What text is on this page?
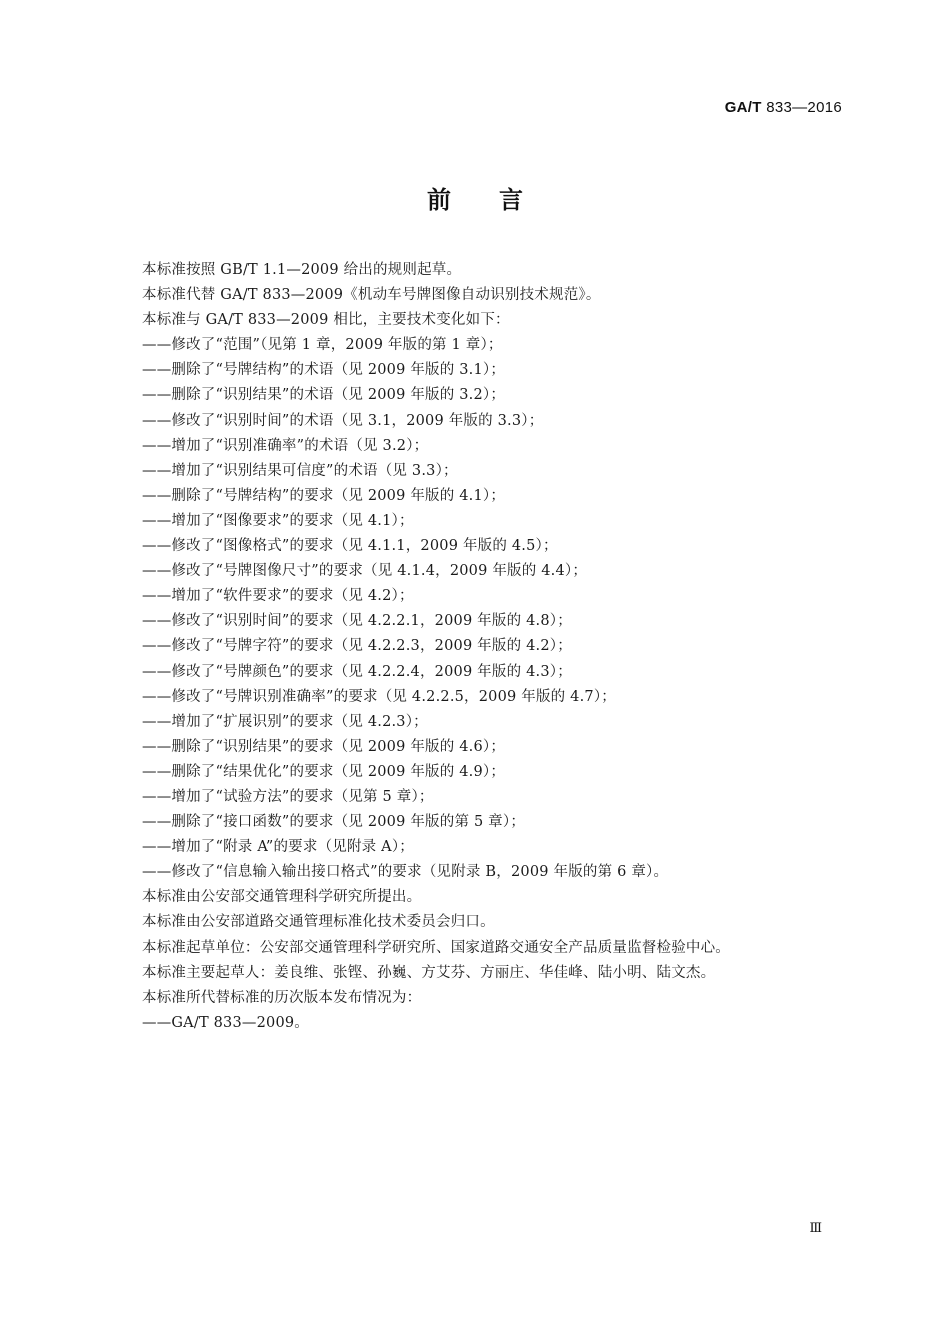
GA/T 833—2016
前言
本标准按照 GB/T 1.1—2009 给出的规则起草。
本标准代替 GA/T 833—2009《机动车号牌图像自动识别技术规范》。
本标准与 GA/T 833—2009 相比，主要技术变化如下：
——修改了“范围”（见第 1 章，2009 年版的第 1 章）；
——删除了“号牌结构”的术语（见 2009 年版的 3.1）；
——删除了“识别结果”的术语（见 2009 年版的 3.2）；
——修改了“识别时间”的术语（见 3.1，2009 年版的 3.3）；
——增加了“识别准确率”的术语（见 3.2）；
——增加了“识别结果可信度”的术语（见 3.3）；
——删除了“号牌结构”的要求（见 2009 年版的 4.1）；
——增加了“图像要求”的要求（见 4.1）；
——修改了“图像格式”的要求（见 4.1.1，2009 年版的 4.5）；
——修改了“号牌图像尺寸”的要求（见 4.1.4，2009 年版的 4.4）；
——增加了“软件要求”的要求（见 4.2）；
——修改了“识别时间”的要求（见 4.2.2.1，2009 年版的 4.8）；
——修改了“号牌字符”的要求（见 4.2.2.3，2009 年版的 4.2）；
——修改了“号牌颜色”的要求（见 4.2.2.4，2009 年版的 4.3）；
——修改了“号牌识别准确率”的要求（见 4.2.2.5，2009 年版的 4.7）；
——增加了“扩展识别”的要求（见 4.2.3）；
——删除了“识别结果”的要求（见 2009 年版的 4.6）；
——删除了“结果优化”的要求（见 2009 年版的 4.9）；
——增加了“试验方法”的要求（见第 5 章）；
——删除了“接口函数”的要求（见 2009 年版的第 5 章）；
——增加了“附录 A”的要求（见附录 A）；
——修改了“信息输入输出接口格式”的要求（见附录 B，2009 年版的第 6 章）。
本标准由公安部交通管理科学研究所提出。
本标准由公安部道路交通管理标准化技术委员会归口。
本标准起草单位：公安部交通管理科学研究所、国家道路交通安全产品质量监督检验中心。
本标准主要起草人：姜良维、张铿、孙巍、方艾芬、方丽庄、华佳峰、陆小明、陆文杰。
本标准所代替标准的历次版本发布情况为：
——GA/T 833—2009。
Ⅲ
